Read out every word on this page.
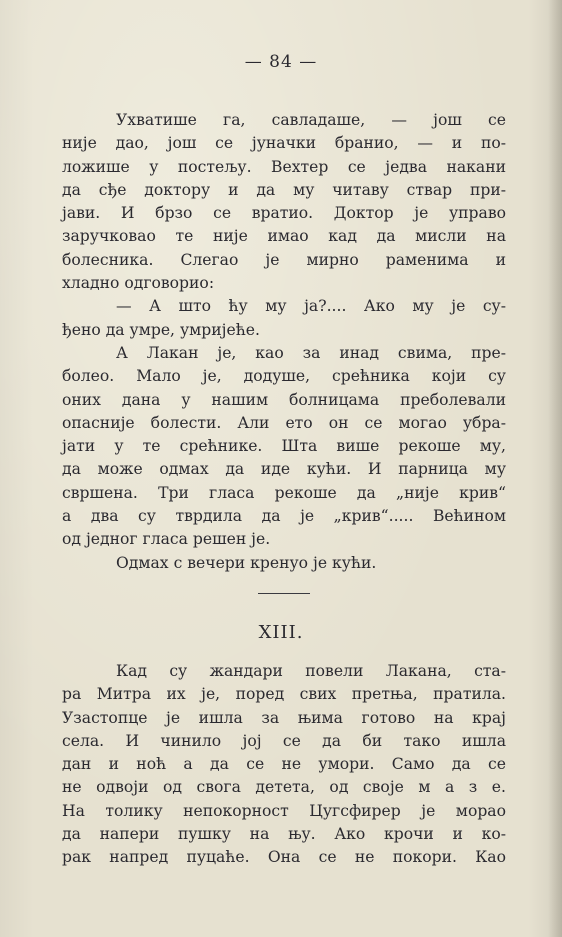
— 84 —
Ухватише га, савладаше, — још се
није дао, још се јуначки бранио, — и по-
ложише у постељу. Вехтер се једва накани
да сђе доктору и да му читаву ствар при-
јави. И брзо се вратио. Доктор је управо
заручковао те није имао кад да мисли на
болесника. Слегао је мирно раменима и
хладно одговорио:
— А што ћу му ја?.... Ако му је су-
ђено да умре, умријеће.
А Лакан је, као за инад свима, пре-
болео. Мало је, додуше, срећника који су
оних дана у нашим болницама преболевали
опасније болести. Али ето он се могао убра-
јати у те срећнике. Шта више рекоше му,
да може одмах да иде кући. И парница му
свршена. Три гласа рекоше да „није крив“
а два су тврдила да је „крив“..... Већином
од једног гласа решен је.
Одмах с вечери кренуо је кући.
XIII.
Кад су жандари повели Лакана, ста-
ра Митра их је, поред свих претња, пратила.
Узастопце је ишла за њима готово на крај
села. И чинило јој се да би тако ишла
дан и ноћ а да се не умори. Само да се
не одвоји од свога детета, од своје м а з е.
На толику непокорност Цугсфирер је морао
да напери пушку на њу. Ако крочи и ко-
рак напред пуцаће. Она се не покори. Као
